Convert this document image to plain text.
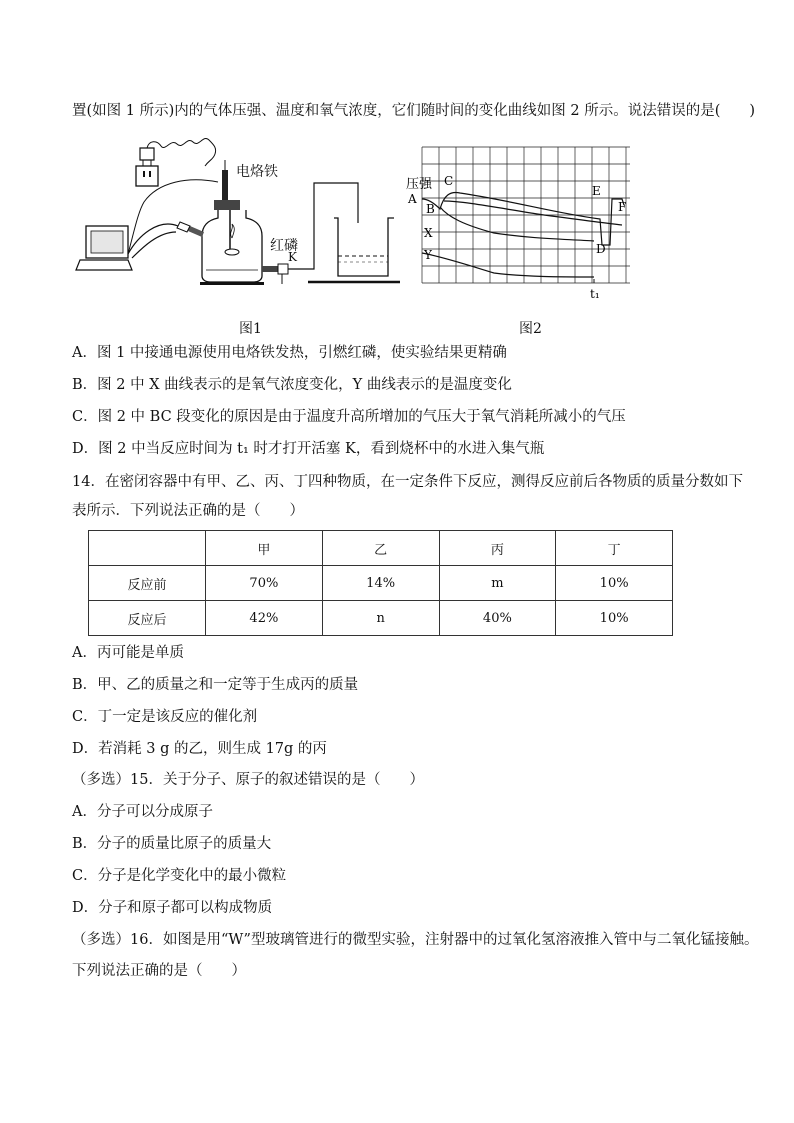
置(如图 1 所示)内的气体压强、温度和氧气浓度，它们随时间的变化曲线如图 2 所示。说法错误的是(　　)
电烙铁
红磷
K
图1
压强
A
B
C
X
Y	D
E
F
t₁
图2
A．图 1 中接通电源使用电烙铁发热，引燃红磷，使实验结果更精确
B．图 2 中 X 曲线表示的是氧气浓度变化，Y 曲线表示的是温度变化
C．图 2 中 BC 段变化的原因是由于温度升高所增加的气压大于氧气消耗所减小的气压
D．图 2 中当反应时间为 t₁ 时才打开活塞 K，看到烧杯中的水进入集气瓶
14．在密闭容器中有甲、乙、丙、丁四种物质，在一定条件下反应，测得反应前后各物质的质量分数如下
表所示．下列说法正确的是（　　）
	甲	乙	丙	丁
反应前	70%	14%	m	10%
反应后	42%	n	40%	10%
A．丙可能是单质
B．甲、乙的质量之和一定等于生成丙的质量
C．丁一定是该反应的催化剂
D．若消耗 3 g 的乙，则生成 17g 的丙
（多选）15．关于分子、原子的叙述错误的是（　　）
A．分子可以分成原子
B．分子的质量比原子的质量大
C．分子是化学变化中的最小微粒
D．分子和原子都可以构成物质
（多选）16．如图是用“W”型玻璃管进行的微型实验，注射器中的过氧化氢溶液推入管中与二氧化锰接触。
下列说法正确的是（　　）
